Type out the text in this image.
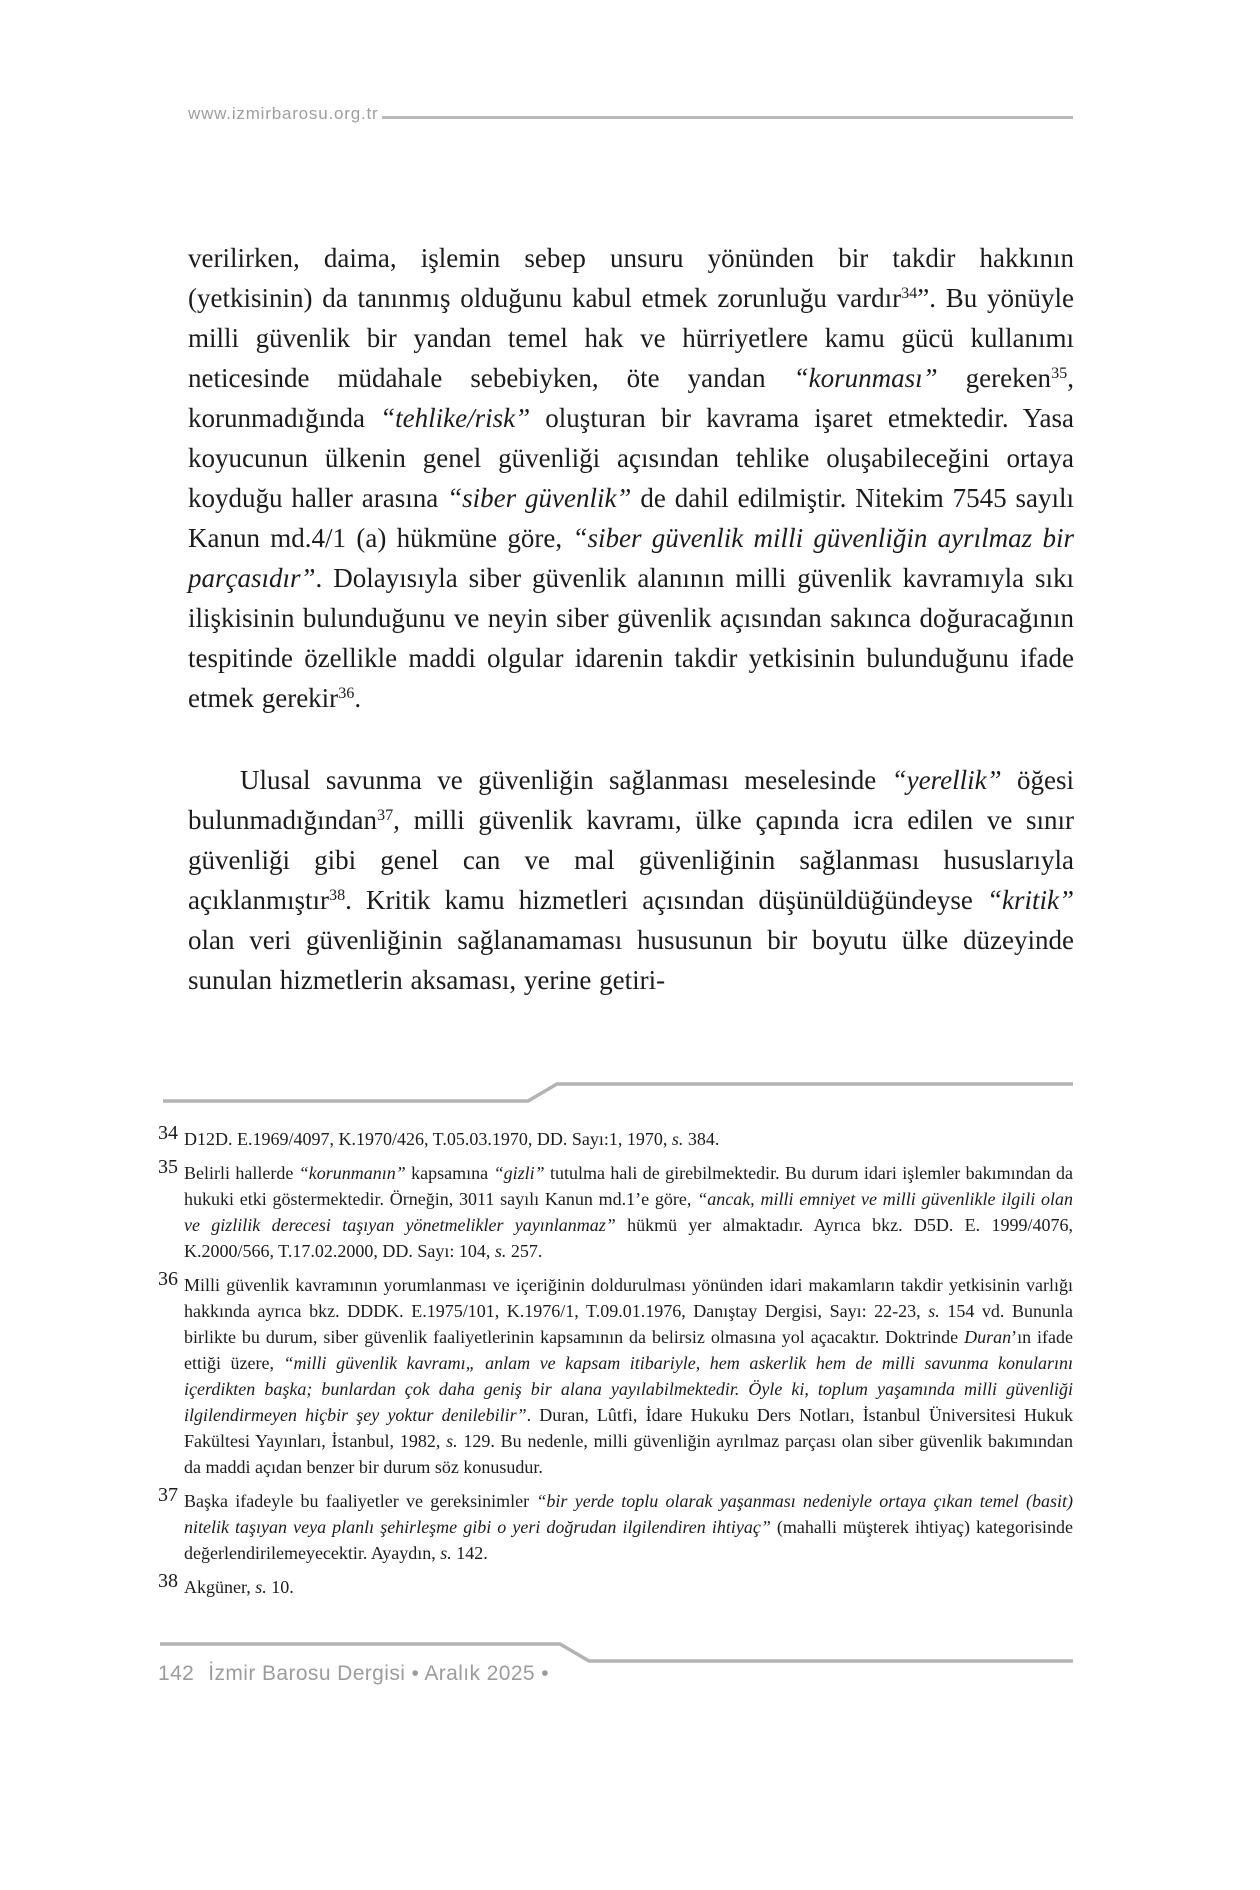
www.izmirbarosu.org.tr

verilirken, daima, işlemin sebep unsuru yönünden bir takdir hakkının (yetkisinin) da tanınmış olduğunu kabul etmek zorunluğu vardır$^{34}$”. Bu yönüyle milli güvenlik bir yandan temel hak ve hürriyetlere kamu gücü kullanımı neticesinde müdahale sebebiyken, öte yandan “korunması” gereken$^{35}$, korunmadığında “tehlike/risk” oluşturan bir kavrama işaret etmektedir. Yasa koyucunun ülkenin genel güvenliği açısından tehlike oluşabileceğini ortaya koyduğu haller arasına “siber güvenlik” de dahil edilmiştir. Nitekim 7545 sayılı Kanun md.4/1 (a) hükmüne göre, “siber güvenlik milli güvenliğin ayrılmaz bir parçasıdır”. Dolayısıyla siber güvenlik alanının milli güvenlik kavramıyla sıkı ilişkisinin bulunduğunu ve neyin siber güvenlik açısından sakınca doğuracağının tespitinde özellikle maddi olgular idarenin takdir yetkisinin bulunduğunu ifade etmek gerekir$^{36}$.

Ulusal savunma ve güvenliğin sağlanması meselesinde “yerellik” öğesi bulunmadığından$^{37}$, milli güvenlik kavramı, ülke çapında icra edilen ve sınır güvenliği gibi genel can ve mal güvenliğinin sağlanması hususlarıyla açıklanmıştır$^{38}$. Kritik kamu hizmetleri açısından düşünüldüğündeyse “kritik” olan veri güvenliğinin sağlanamaması hususunun bir boyutu ülke düzeyinde sunulan hizmetlerin aksaması, yerine getiri-

34 D12D. E.1969/4097, K.1970/426, T.05.03.1970, DD. Sayı:1, 1970, s. 384.
35 Belirli hallerde “korunmanın” kapsamına “gizli” tutulma hali de girebilmektedir. Bu durum idari işlemler bakımından da hukuki etki göstermektedir. Örneğin, 3011 sayılı Kanun md.1’e göre, “ancak, milli emniyet ve milli güvenlikle ilgili olan ve gizlilik derecesi taşıyan yönetmelikler yayınlanmaz” hükmü yer almaktadır. Ayrıca bkz. D5D. E. 1999/4076, K.2000/566, T.17.02.2000, DD. Sayı: 104, s. 257.
36 Milli güvenlik kavramının yorumlanması ve içeriğinin doldurulması yönünden idari makamların takdir yetkisinin varlığı hakkında ayrıca bkz. DDDK. E.1975/101, K.1976/1, T.09.01.1976, Danıştay Dergisi, Sayı: 22-23, s. 154 vd. Bununla birlikte bu durum, siber güvenlik faaliyetlerinin kapsamının da belirsiz olmasına yol açacaktır. Doktrinde Duran’ın ifade ettiği üzere, “milli güvenlik kavramı„ anlam ve kapsam itibariyle, hem askerlik hem de milli savunma konularını içerdikten başka; bunlardan çok daha geniş bir alana yayılabilmektedir. Öyle ki, toplum yaşamında milli güvenliği ilgilendirmeyen hiçbir şey yoktur denilebilir”. Duran, Lûtfi, İdare Hukuku Ders Notları, İstanbul Üniversitesi Hukuk Fakültesi Yayınları, İstanbul, 1982, s. 129. Bu nedenle, milli güvenliğin ayrılmaz parçası olan siber güvenlik bakımından da maddi açıdan benzer bir durum söz konusudur.
37 Başka ifadeyle bu faaliyetler ve gereksinimler “bir yerde toplu olarak yaşanması nedeniyle ortaya çıkan temel (basit) nitelik taşıyan veya planlı şehirleşme gibi o yeri doğrudan ilgilendiren ihtiyaç” (mahalli müşterek ihtiyaç) kategorisinde değerlendirilemeyecektir. Ayaydın, s. 142.
38 Akgüner, s. 10.
142 İzmir Barosu Dergisi • Aralık 2025 •
